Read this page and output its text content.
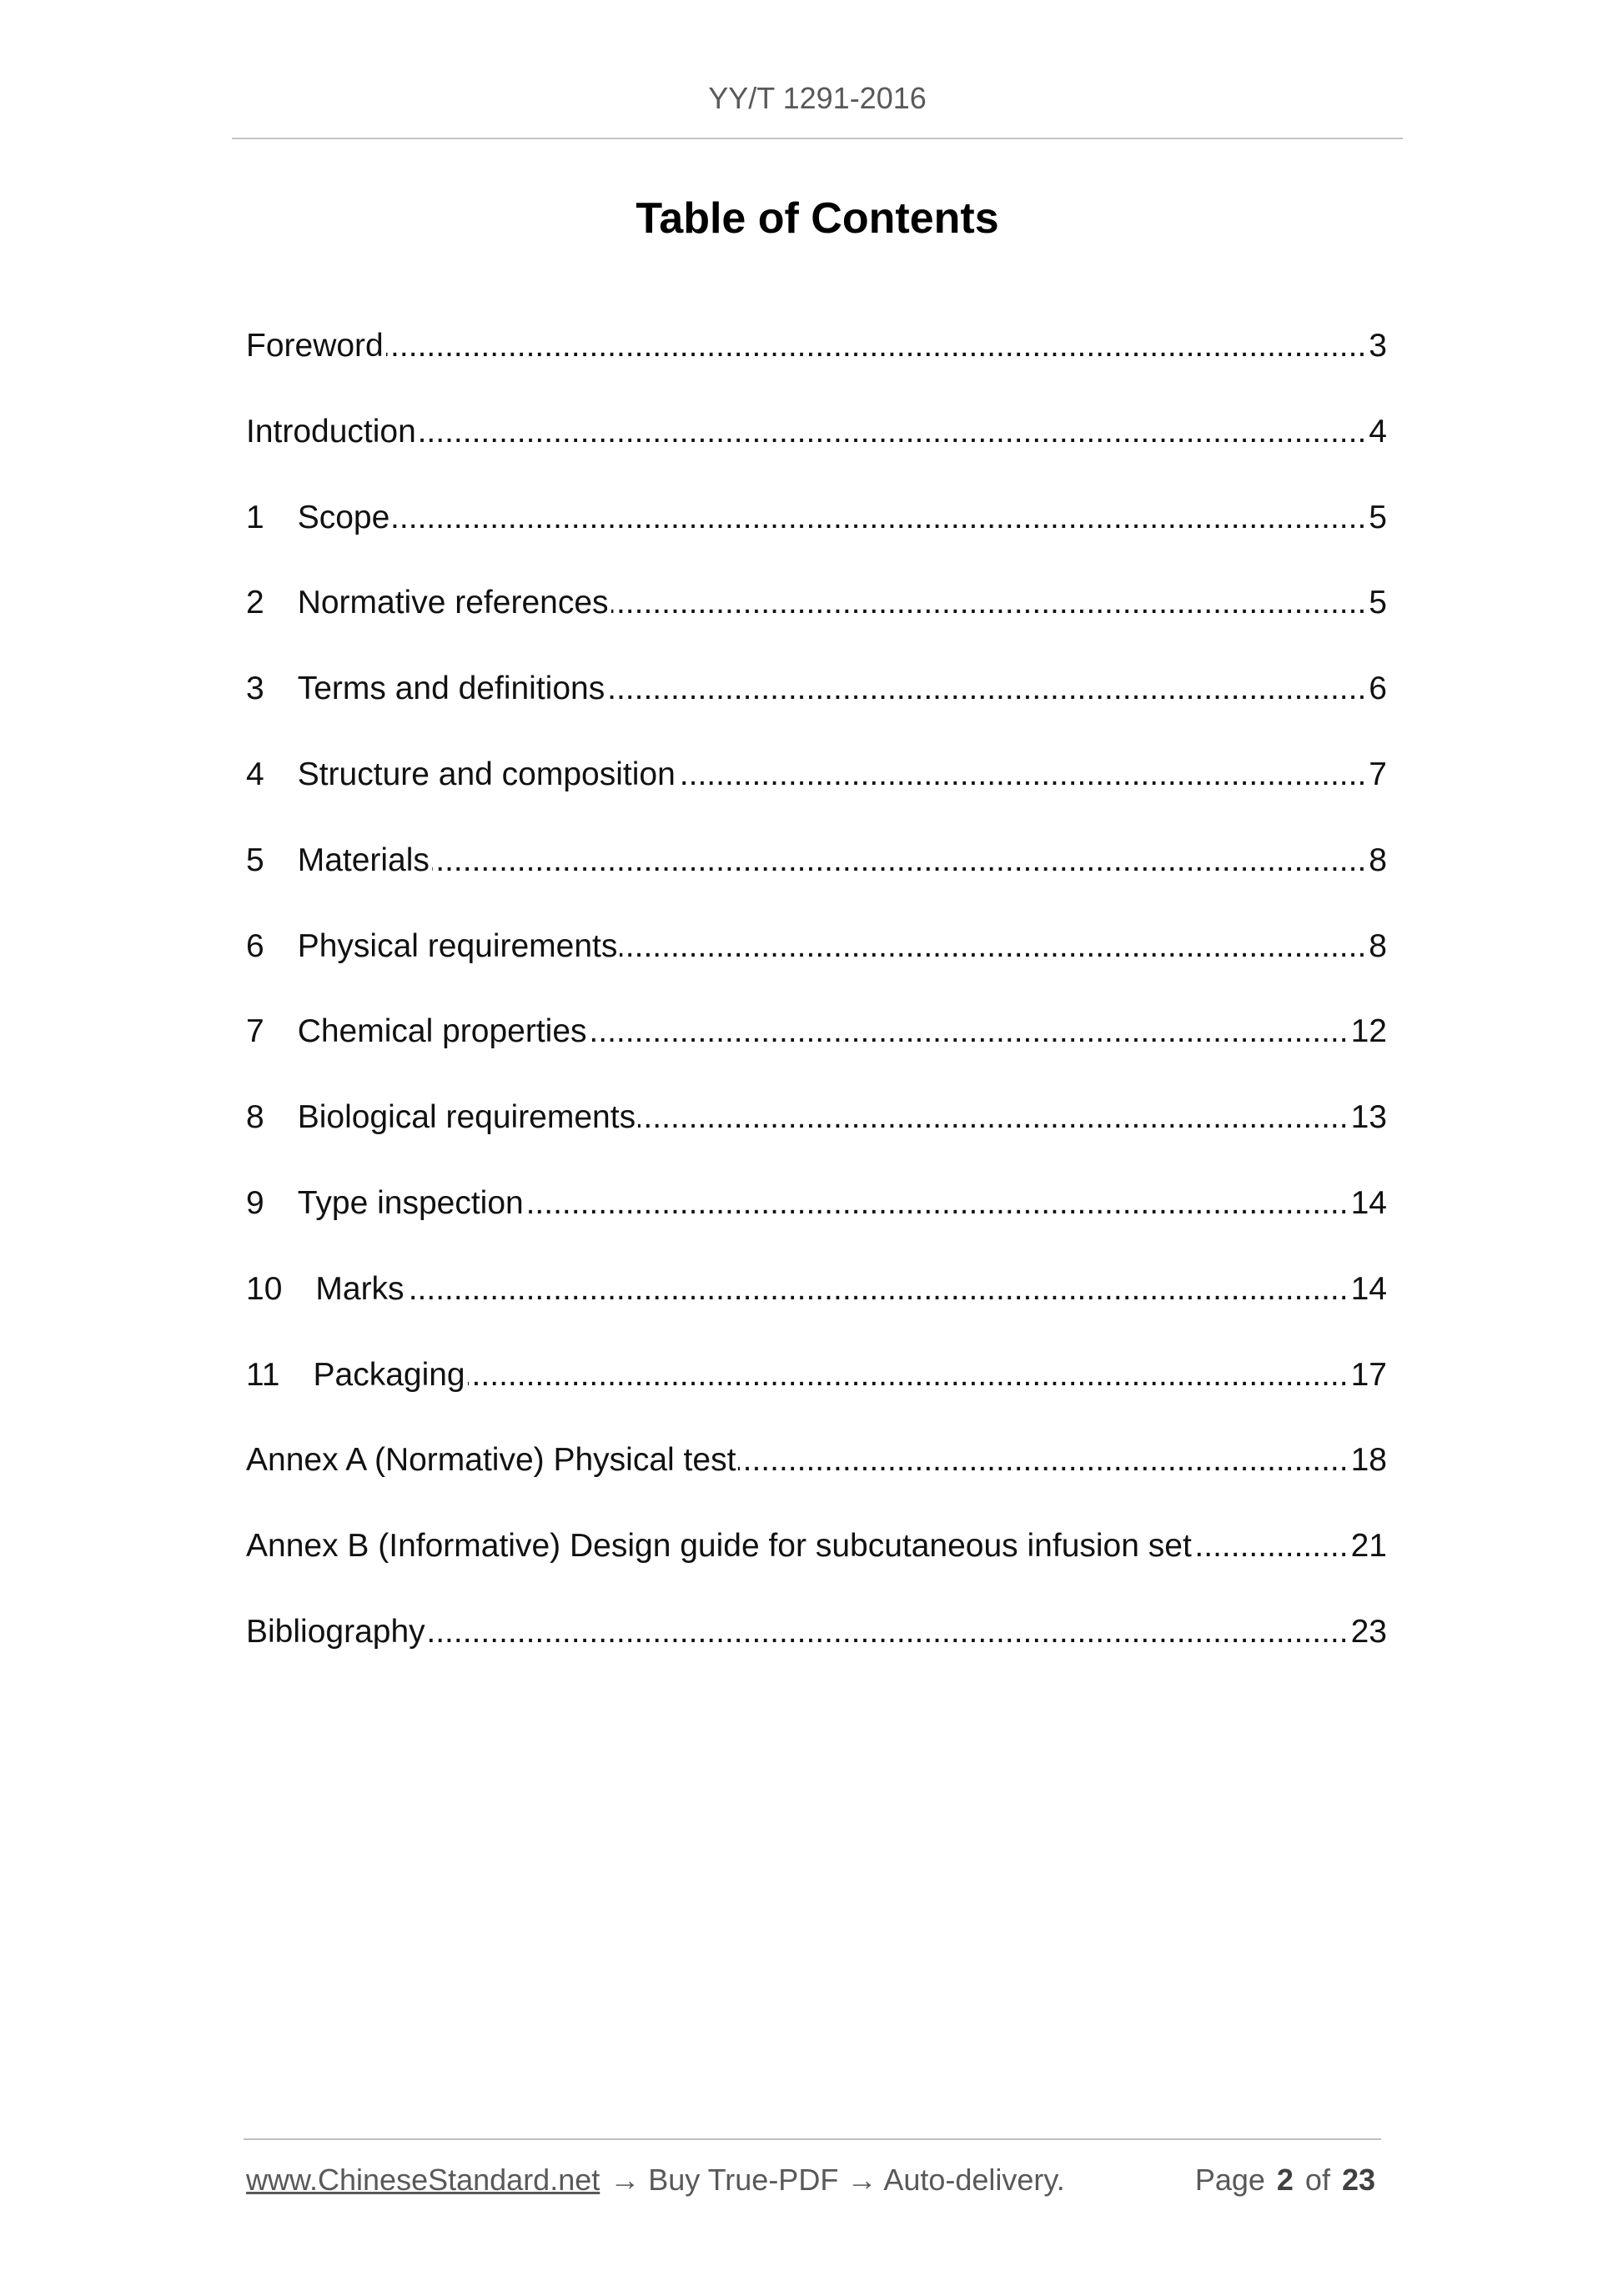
YY/T 1291-2016
Table of Contents
Foreword .....	3
Introduction .....	4
1	Scope .....	5
2	Normative references .....	5
3	Terms and definitions .....	6
4	Structure and composition .....	7
5	Materials .....	8
6	Physical requirements .....	8
7	Chemical properties .....	12
8	Biological requirements .....	13
9	Type inspection .....	14
10	Marks .....	14
11	Packaging .....	17
Annex A (Normative) Physical test .....	18
Annex B (Informative) Design guide for subcutaneous infusion set .....	21
Bibliography .....	23
www.ChineseStandard.net → Buy True-PDF → Auto-delivery.	Page 2 of 23
